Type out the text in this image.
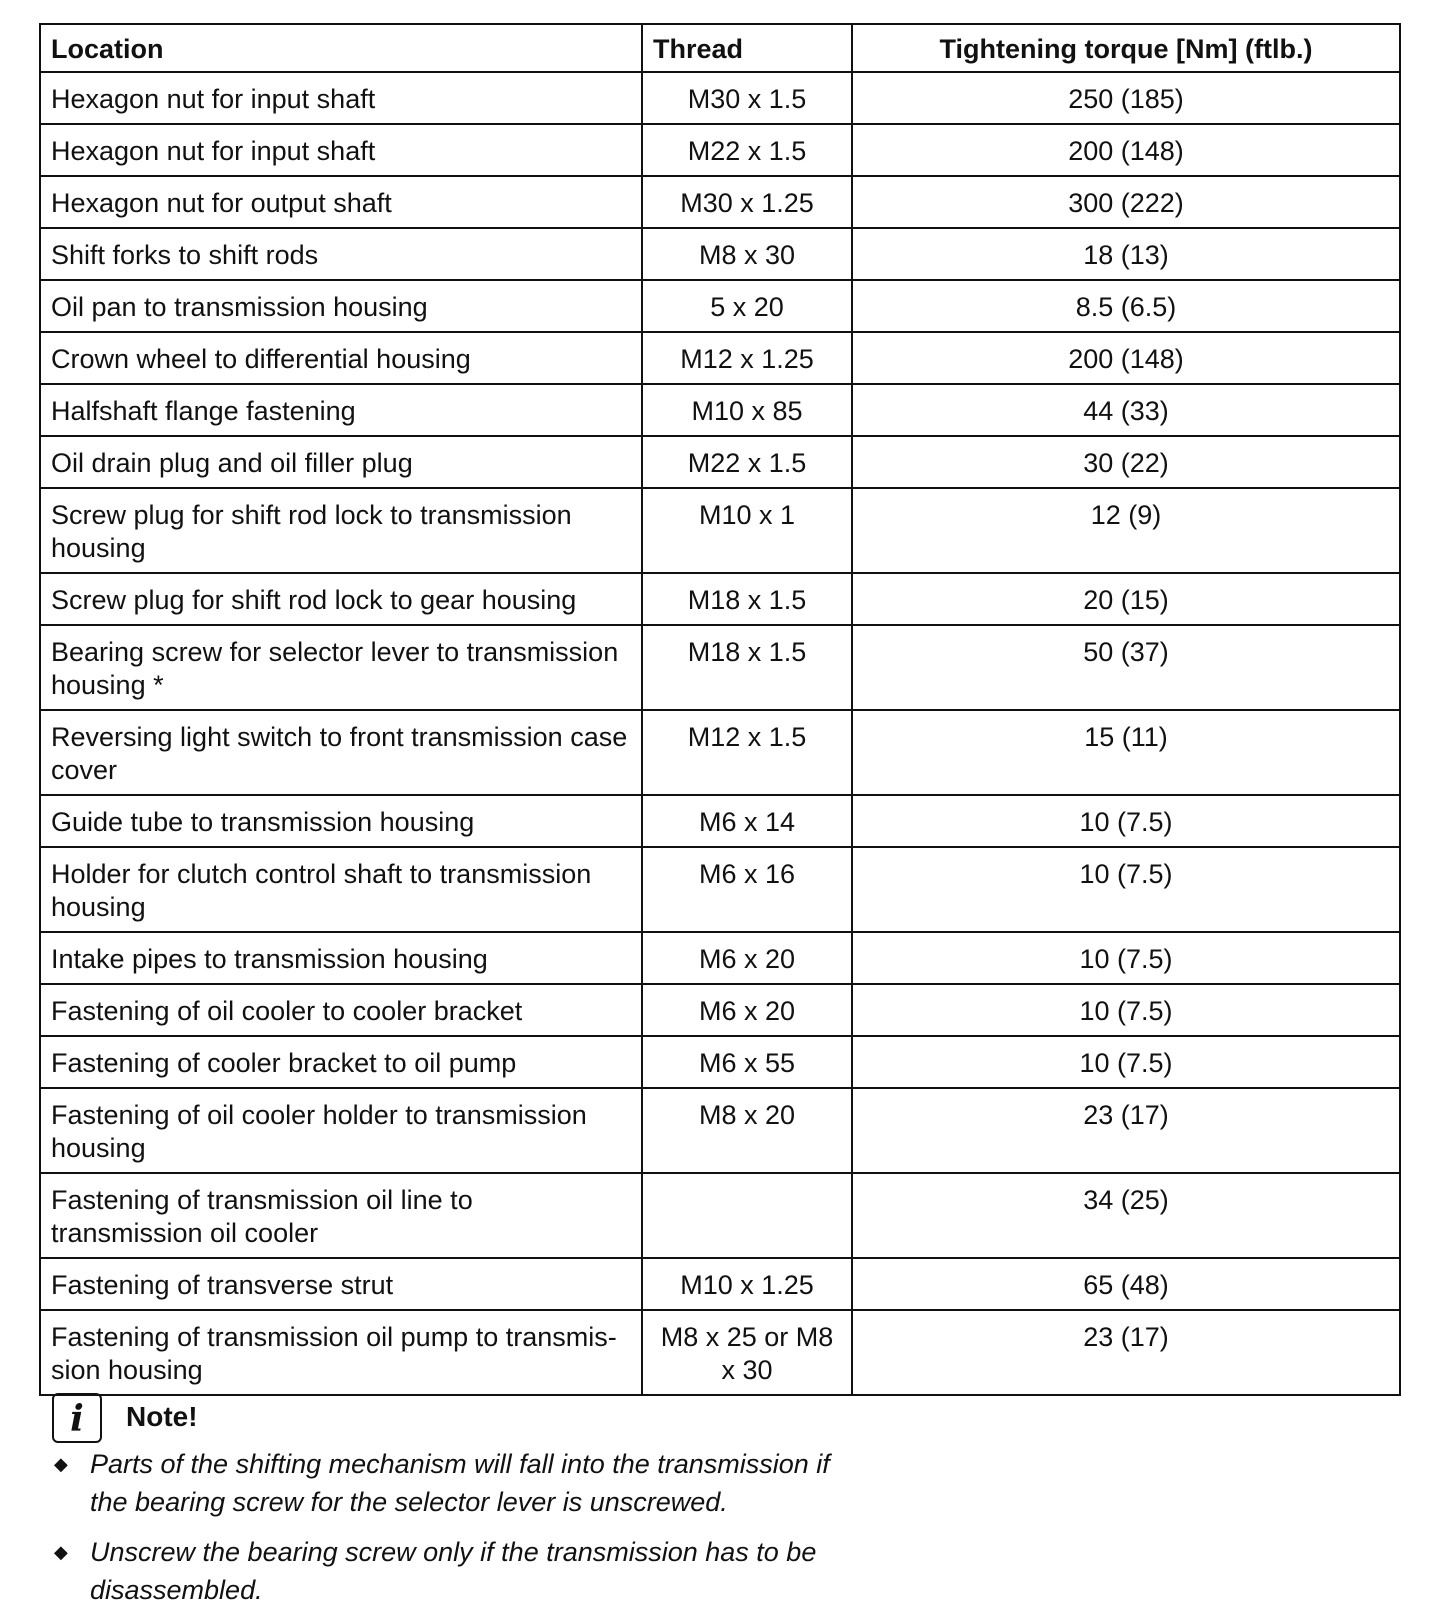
Location	Thread	Tightening torque [Nm] (ftlb.)
Hexagon nut for input shaft	M30 x 1.5	250 (185)
Hexagon nut for input shaft	M22 x 1.5	200 (148)
Hexagon nut for output shaft	M30 x 1.25	300 (222)
Shift forks to shift rods	M8 x 30	18 (13)
Oil pan to transmission housing	5 x 20	8.5 (6.5)
Crown wheel to differential housing	M12 x 1.25	200 (148)
Halfshaft flange fastening	M10 x 85	44 (33)
Oil drain plug and oil filler plug	M22 x 1.5	30 (22)
Screw plug for shift rod lock to transmission housing	M10 x 1	12 (9)
Screw plug for shift rod lock to gear housing	M18 x 1.5	20 (15)
Bearing screw for selector lever to transmission housing *	M18 x 1.5	50 (37)
Reversing light switch to front transmission case cover	M12 x 1.5	15 (11)
Guide tube to transmission housing	M6 x 14	10 (7.5)
Holder for clutch control shaft to transmission housing	M6 x 16	10 (7.5)
Intake pipes to transmission housing	M6 x 20	10 (7.5)
Fastening of oil cooler to cooler bracket	M6 x 20	10 (7.5)
Fastening of cooler bracket to oil pump	M6 x 55	10 (7.5)
Fastening of oil cooler holder to transmission housing	M8 x 20	23 (17)
Fastening of transmission oil line to transmission oil cooler		34 (25)
Fastening of transverse strut	M10 x 1.25	65 (48)
Fastening of transmission oil pump to transmis-sion housing	M8 x 25 or M8 x 30	23 (17)
i	Note!
◆ Parts of the shifting mechanism will fall into the transmission if the bearing screw for the selector lever is unscrewed.
◆ Unscrew the bearing screw only if the transmission has to be disassembled.
